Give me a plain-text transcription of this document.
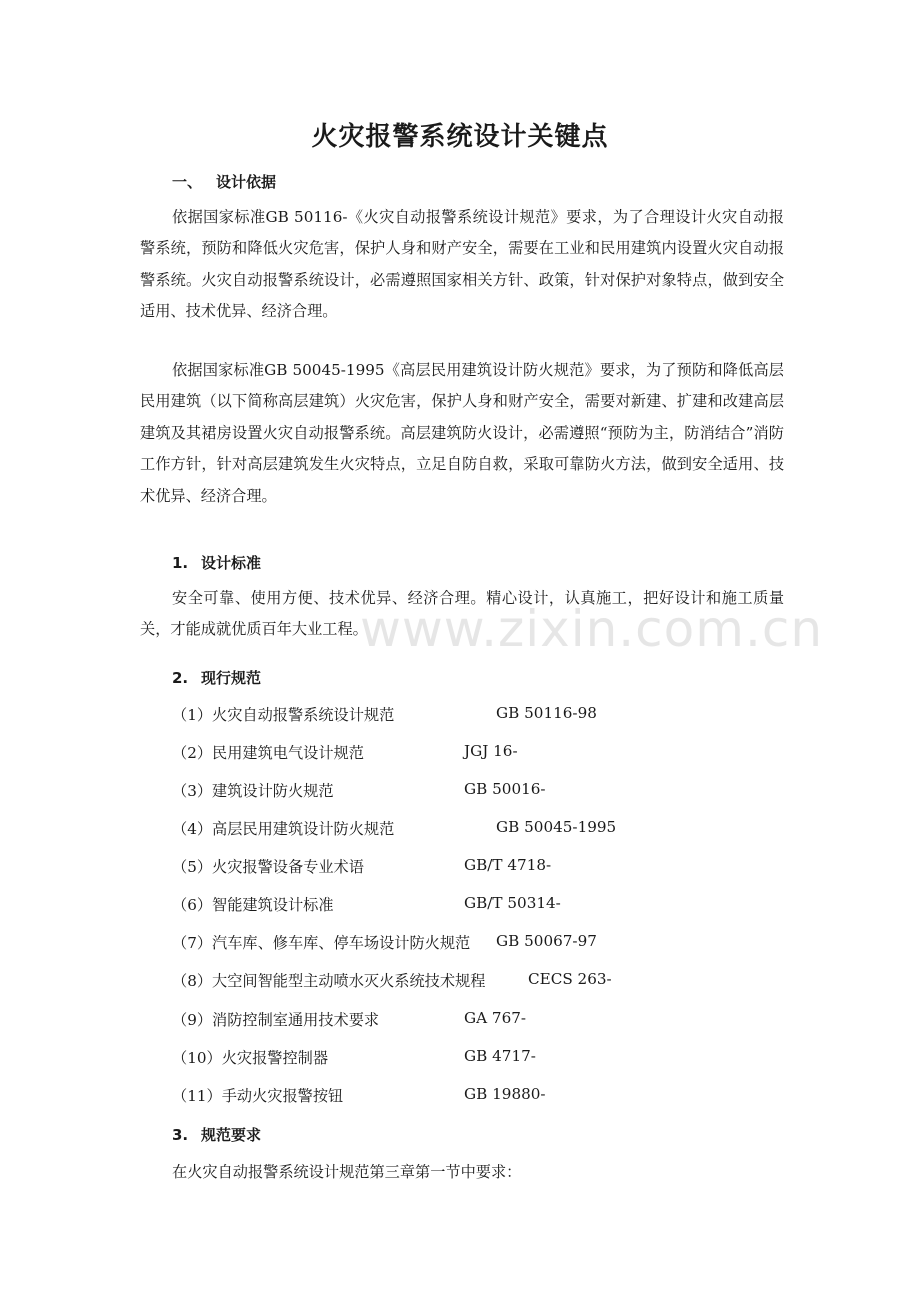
火灾报警系统设计关键点
一、 设计依据

依据国家标准GB 50116-《火灾自动报警系统设计规范》要求，为了合理设计火灾自动报警系统，预防和降低火灾危害，保护人身和财产安全，需要在工业和民用建筑内设置火灾自动报警系统。火灾自动报警系统设计，必需遵照国家相关方针、政策，针对保护对象特点，做到安全适用、技术优异、经济合理。

依据国家标准GB 50045-1995《高层民用建筑设计防火规范》要求，为了预防和降低高层民用建筑（以下简称高层建筑）火灾危害，保护人身和财产安全，需要对新建、扩建和改建高层建筑及其裙房设置火灾自动报警系统。高层建筑防火设计，必需遵照“预防为主，防消结合”消防工作方针，针对高层建筑发生火灾特点，立足自防自救，采取可靠防火方法，做到安全适用、技术优异、经济合理。

1. 设计标准

安全可靠、使用方便、技术优异、经济合理。精心设计，认真施工，把好设计和施工质量关，才能成就优质百年大业工程。

2. 现行规范
（1）火灾自动报警系统设计规范	GB 50116-98
（2）民用建筑电气设计规范	JGJ 16-
（3）建筑设计防火规范	GB 50016-
（4）高层民用建筑设计防火规范	GB 50045-1995
（5）火灾报警设备专业术语	GB/T 4718-
（6）智能建筑设计标准	GB/T 50314-
（7）汽车库、修车库、停车场设计防火规范 GB 50067-97
（8）大空间智能型主动喷水灭火系统技术规程	CECS 263-
（9）消防控制室通用技术要求	GA 767-
（10）火灾报警控制器	GB 4717-
（11）手动火灾报警按钮	GB 19880-
3. 规范要求
在火灾自动报警系统设计规范第三章第一节中要求：
www.zixin.com.cn
